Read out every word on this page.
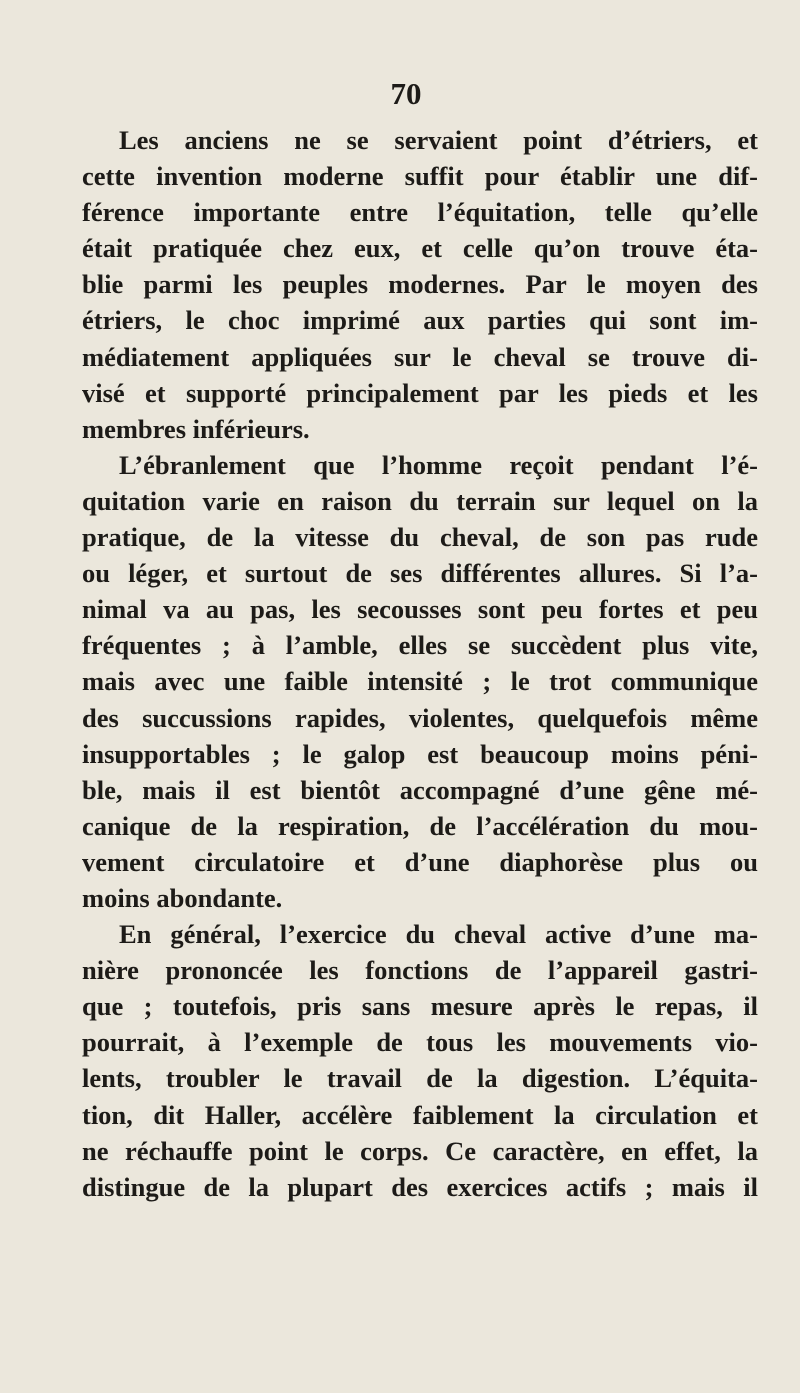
70
Les anciens ne se servaient point d’étriers, et
cette invention moderne suffit pour établir une dif-
férence importante entre l’équitation, telle qu’elle
était pratiquée chez eux, et celle qu’on trouve éta-
blie parmi les peuples modernes. Par le moyen des
étriers, le choc imprimé aux parties qui sont im-
médiatement appliquées sur le cheval se trouve di-
visé et supporté principalement par les pieds et les
membres inférieurs.
L’ébranlement que l’homme reçoit pendant l’é-
quitation varie en raison du terrain sur lequel on la
pratique, de la vitesse du cheval, de son pas rude
ou léger, et surtout de ses différentes allures. Si l’a-
nimal va au pas, les secousses sont peu fortes et peu
fréquentes ; à l’amble, elles se succèdent plus vite,
mais avec une faible intensité ; le trot communique
des succussions rapides, violentes, quelquefois même
insupportables ; le galop est beaucoup moins péni-
ble, mais il est bientôt accompagné d’une gêne mé-
canique de la respiration, de l’accélération du mou-
vement circulatoire et d’une diaphorèse plus ou
moins abondante.
En général, l’exercice du cheval active d’une ma-
nière prononcée les fonctions de l’appareil gastri-
que ; toutefois, pris sans mesure après le repas, il
pourrait, à l’exemple de tous les mouvements vio-
lents, troubler le travail de la digestion. L’équita-
tion, dit Haller, accélère faiblement la circulation et
ne réchauffe point le corps. Ce caractère, en effet, la
distingue de la plupart des exercices actifs ; mais il
